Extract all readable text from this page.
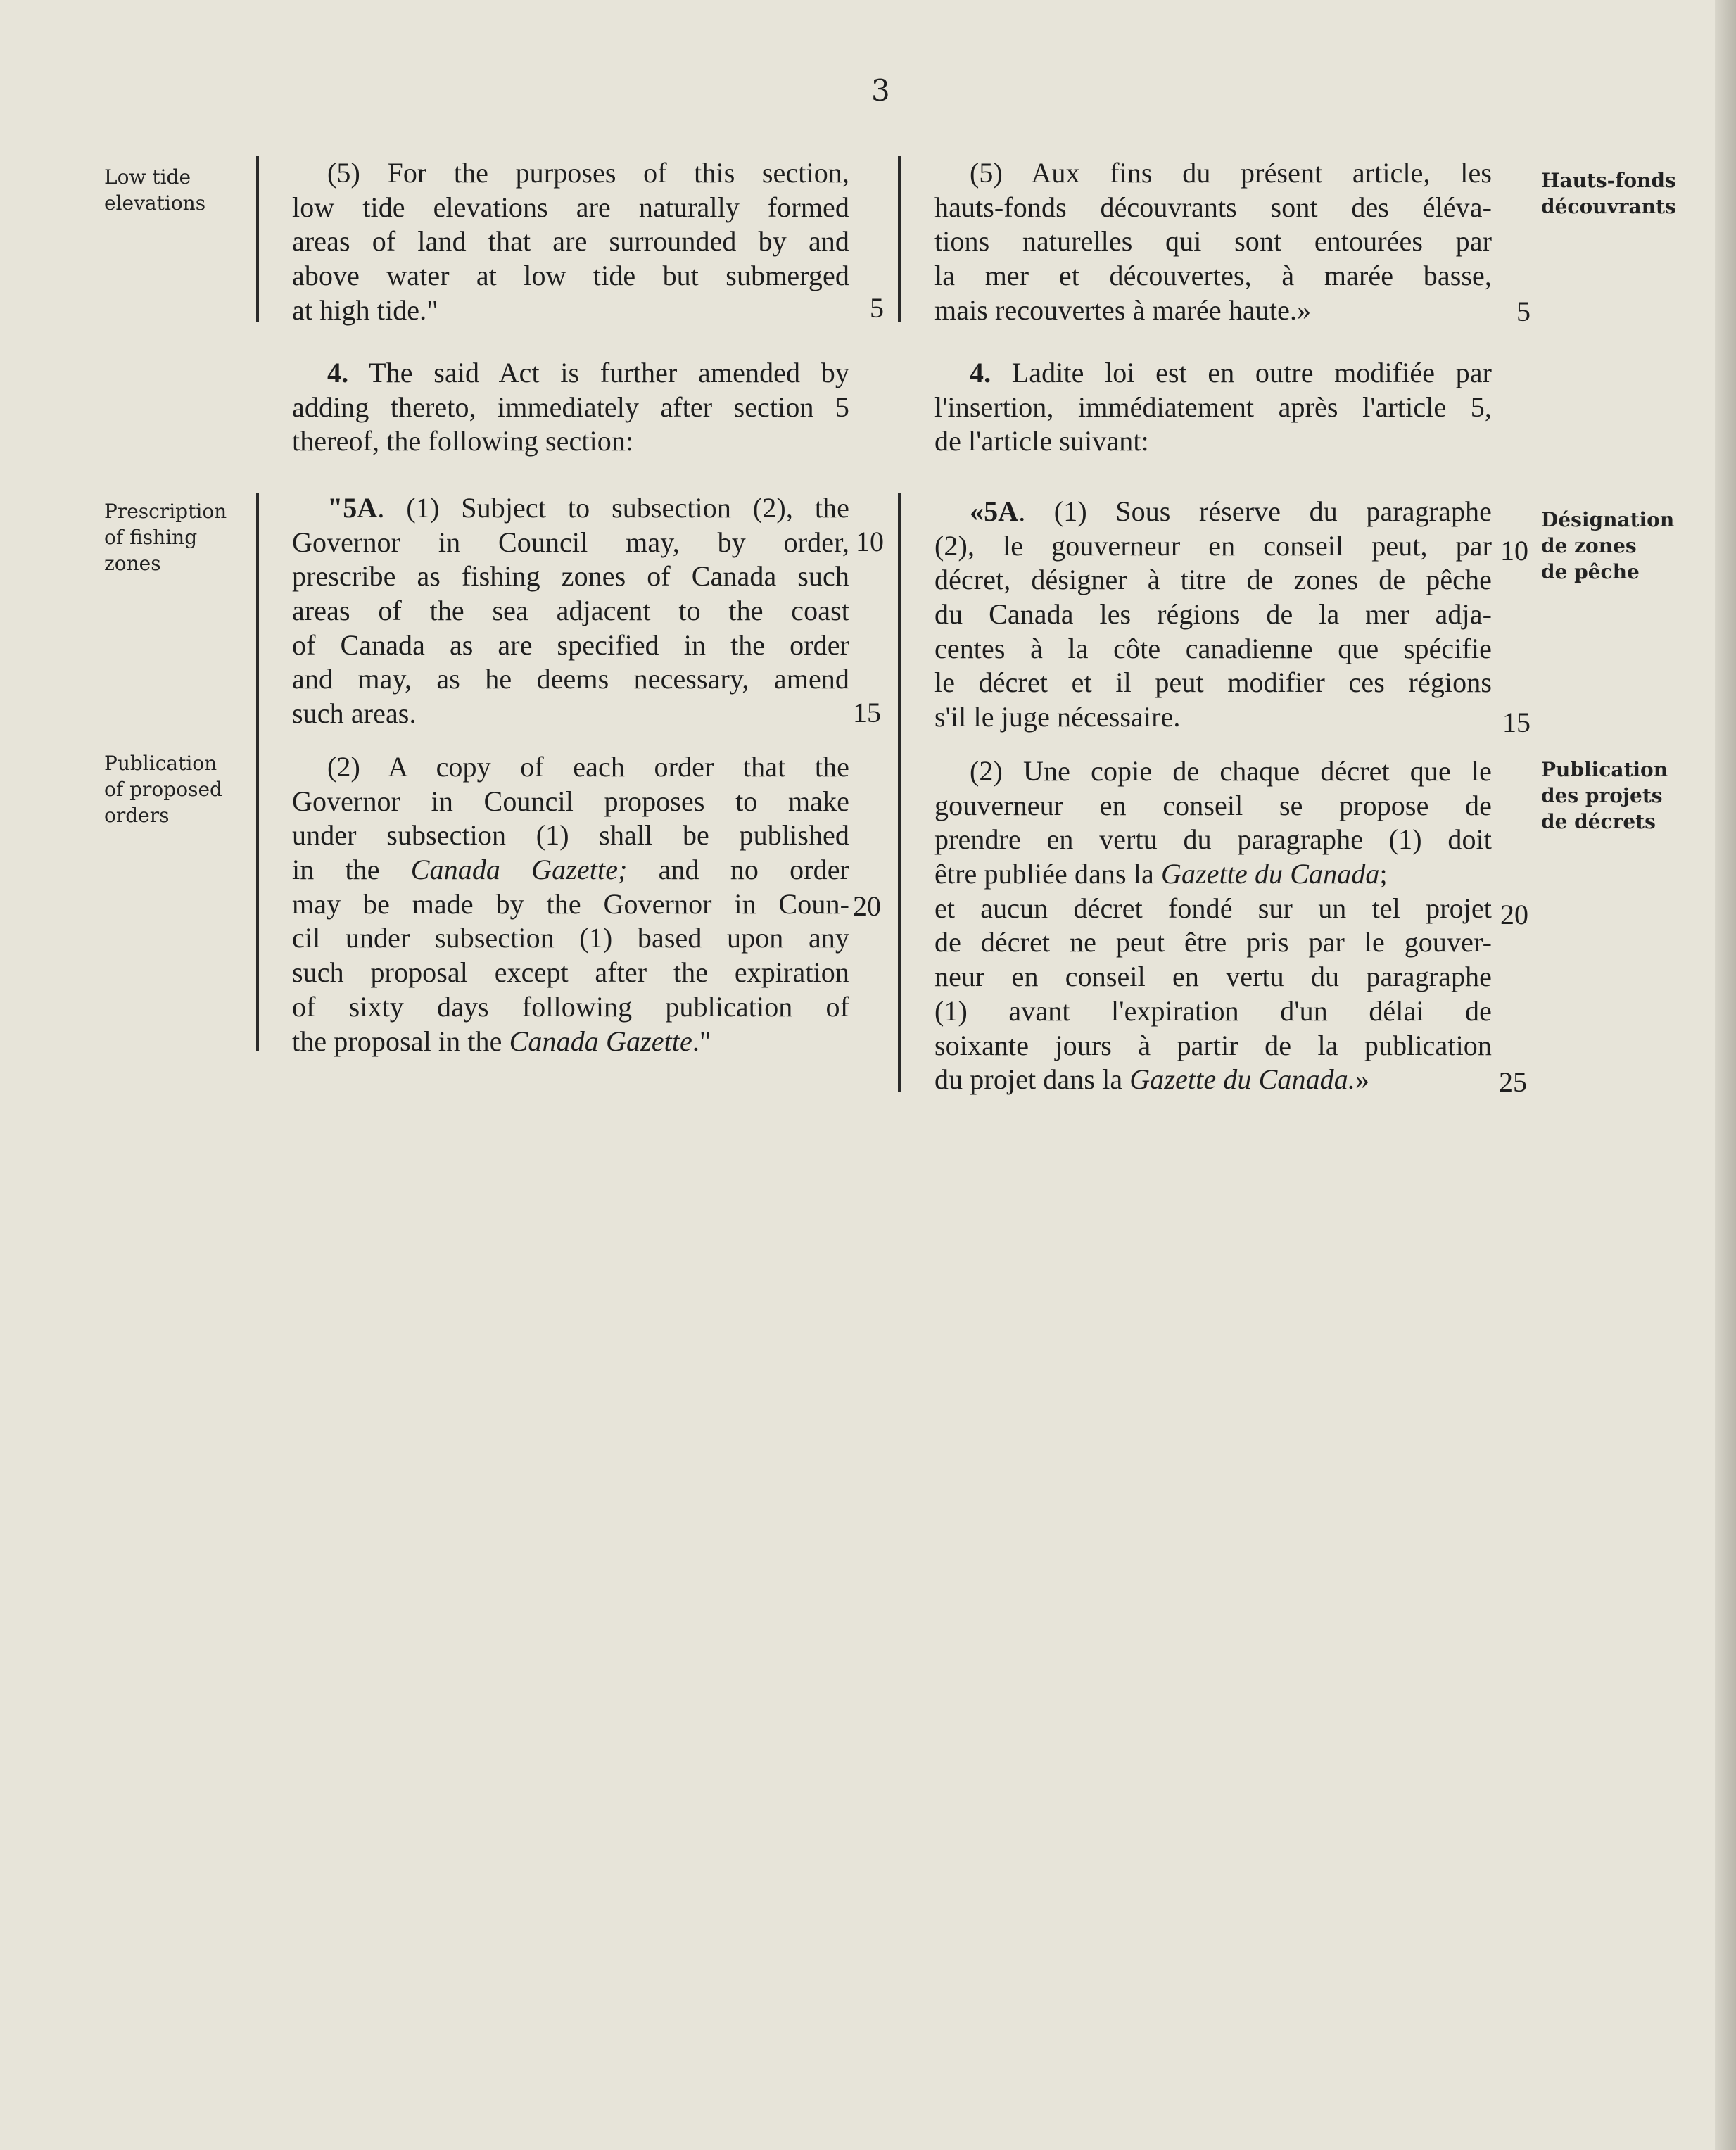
3
Low tide
elevations
Prescription
of fishing
zones
Publication
of proposed
orders
Hauts-fonds
découvrants
Désignation
de zones
de pêche
Publication
des projets
de décrets
(5) For the purposes of this section,
low tide elevations are naturally formed
areas of land that are surrounded by and
above water at low tide but submerged
at high tide."
4. The said Act is further amended by
adding thereto, immediately after section 5
thereof, the following section:
"5A. (1) Subject to subsection (2), the
Governor in Council may, by order,
prescribe as fishing zones of Canada such
areas of the sea adjacent to the coast
of Canada as are specified in the order
and may, as he deems necessary, amend
such areas.
(2) A copy of each order that the
Governor in Council proposes to make
under subsection (1) shall be published
in the Canada Gazette; and no order
may be made by the Governor in Coun-
cil under subsection (1) based upon any
such proposal except after the expiration
of sixty days following publication of
the proposal in the Canada Gazette."
(5) Aux fins du présent article, les
hauts-fonds découvrants sont des éléva-
tions naturelles qui sont entourées par
la mer et découvertes, à marée basse,
mais recouvertes à marée haute.»
4. Ladite loi est en outre modifiée par
l'insertion, immédiatement après l'article 5,
de l'article suivant:
«5A. (1) Sous réserve du paragraphe
(2), le gouverneur en conseil peut, par
décret, désigner à titre de zones de pêche
du Canada les régions de la mer adja-
centes à la côte canadienne que spécifie
le décret et il peut modifier ces régions
s'il le juge nécessaire.
(2) Une copie de chaque décret que le
gouverneur en conseil se propose de
prendre en vertu du paragraphe (1) doit
être publiée dans la Gazette du Canada;
et aucun décret fondé sur un tel projet
de décret ne peut être pris par le gouver-
neur en conseil en vertu du paragraphe
(1) avant l'expiration d'un délai de
soixante jours à partir de la publication
du projet dans la Gazette du Canada.»
5
10
15
20
5
10
15
20
25
